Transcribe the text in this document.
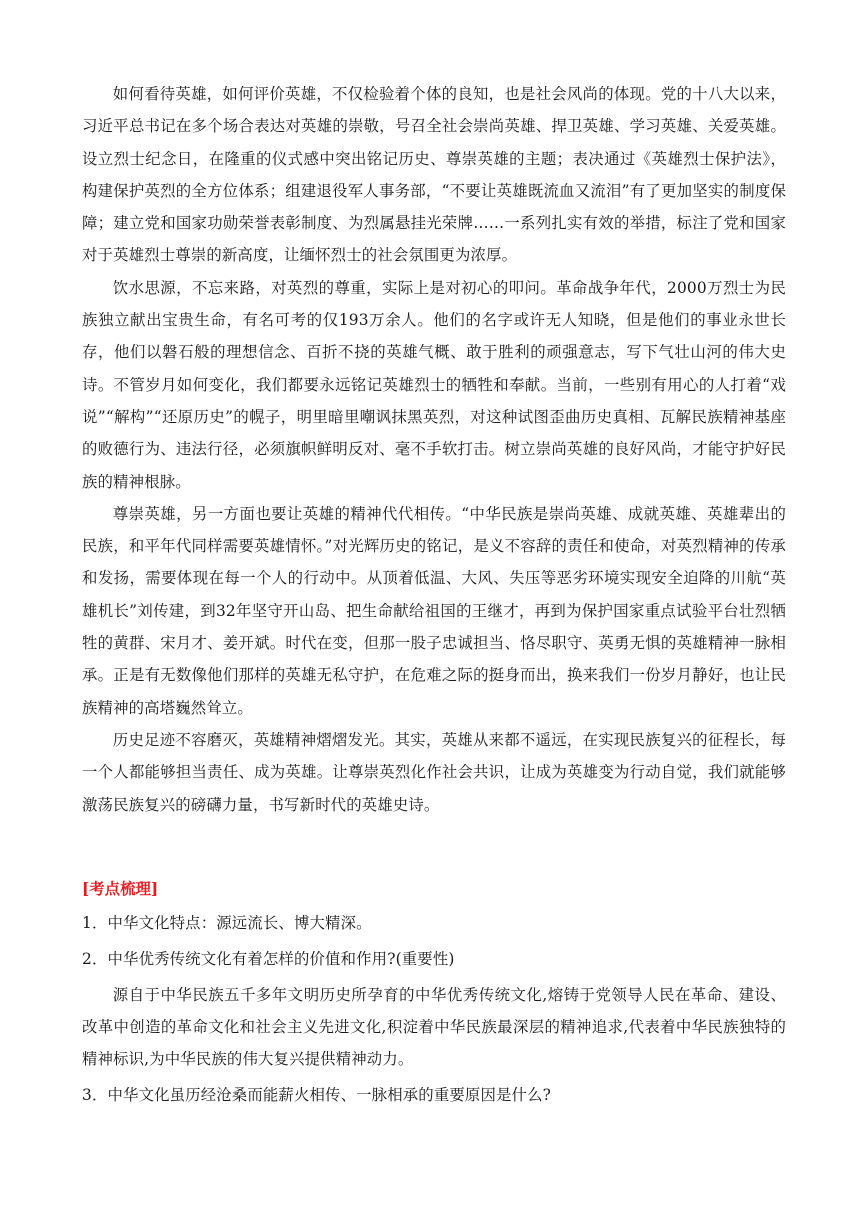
如何看待英雄，如何评价英雄，不仅检验着个体的良知，也是社会风尚的体现。党的十八大以来，习近平总书记在多个场合表达对英雄的崇敬，号召全社会崇尚英雄、捍卫英雄、学习英雄、关爱英雄。设立烈士纪念日，在隆重的仪式感中突出铭记历史、尊崇英雄的主题；表决通过《英雄烈士保护法》，构建保护英烈的全方位体系；组建退役军人事务部，“不要让英雄既流血又流泪”有了更加坚实的制度保障；建立党和国家功勋荣誉表彰制度、为烈属悬挂光荣牌……一系列扎实有效的举措，标注了党和国家对于英雄烈士尊崇的新高度，让缅怀烈士的社会氛围更为浓厚。

饮水思源，不忘来路，对英烈的尊重，实际上是对初心的叩问。革命战争年代，2000万烈士为民族独立献出宝贵生命，有名可考的仅193万余人。他们的名字或许无人知晓，但是他们的事业永世长存，他们以磐石般的理想信念、百折不挠的英雄气概、敢于胜利的顽强意志，写下气壮山河的伟大史诗。不管岁月如何变化，我们都要永远铭记英雄烈士的牺牲和奉献。当前，一些别有用心的人打着“戏说”“解构”“还原历史”的幌子，明里暗里嘲讽抹黑英烈，对这种试图歪曲历史真相、瓦解民族精神基座的败德行为、违法行径，必须旗帜鲜明反对、毫不手软打击。树立崇尚英雄的良好风尚，才能守护好民族的精神根脉。

尊崇英雄，另一方面也要让英雄的精神代代相传。“中华民族是崇尚英雄、成就英雄、英雄辈出的民族，和平年代同样需要英雄情怀。”对光辉历史的铭记，是义不容辞的责任和使命，对英烈精神的传承和发扬，需要体现在每一个人的行动中。从顶着低温、大风、失压等恶劣环境实现安全迫降的川航“英雄机长”刘传建，到32年坚守开山岛、把生命献给祖国的王继才，再到为保护国家重点试验平台壮烈牺牲的黄群、宋月才、姜开斌。时代在变，但那一股子忠诚担当、恪尽职守、英勇无惧的英雄精神一脉相承。正是有无数像他们那样的英雄无私守护，在危难之际的挺身而出，换来我们一份岁月静好，也让民族精神的高塔巍然耸立。

历史足迹不容磨灭，英雄精神熠熠发光。其实，英雄从来都不遥远，在实现民族复兴的征程长，每一个人都能够担当责任、成为英雄。让尊崇英烈化作社会共识，让成为英雄变为行动自觉，我们就能够激荡民族复兴的磅礴力量，书写新时代的英雄史诗。

[考点梳理]

1．中华文化特点：源远流长、博大精深。

2．中华优秀传统文化有着怎样的价值和作用?(重要性)

源自于中华民族五千多年文明历史所孕育的中华优秀传统文化,熔铸于党领导人民在革命、建设、改革中创造的革命文化和社会主义先进文化,积淀着中华民族最深层的精神追求,代表着中华民族独特的精神标识,为中华民族的伟大复兴提供精神动力。

3．中华文化虽历经沧桑而能薪火相传、一脉相承的重要原因是什么?
